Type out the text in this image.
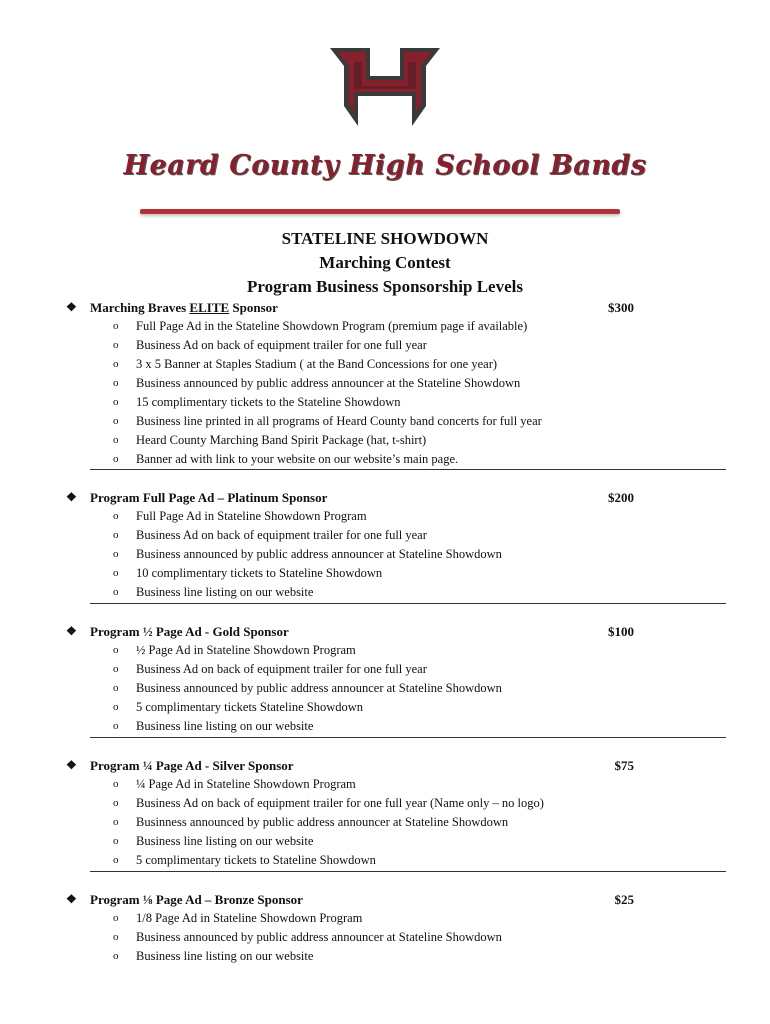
Heard County High School Bands
STATELINE SHOWDOWN
Marching Contest
Program Business Sponsorship Levels
❖ Marching Braves ELITE Sponsor	$300
o Full Page Ad in the Stateline Showdown Program (premium page if available)
o Business Ad on back of equipment trailer for one full year
o 3 x 5 Banner at Staples Stadium ( at the Band Concessions for one year)
o Business announced by public address announcer at the Stateline Showdown
o 15 complimentary tickets to the Stateline Showdown
o Business line printed in all programs of Heard County band concerts for full year
o Heard County Marching Band Spirit Package (hat, t-shirt)
o Banner ad with link to your website on our website’s main page.
❖ Program Full Page Ad – Platinum Sponsor	$200
o Full Page Ad in Stateline Showdown Program
o Business Ad on back of equipment trailer for one full year
o Business announced by public address announcer at Stateline Showdown
o 10 complimentary tickets to Stateline Showdown
o Business line listing on our website
❖ Program ½ Page Ad - Gold Sponsor	$100
o ½ Page Ad in Stateline Showdown Program
o Business Ad on back of equipment trailer for one full year
o Business announced by public address announcer at Stateline Showdown
o 5 complimentary tickets Stateline Showdown
o Business line listing on our website
❖ Program ¼ Page Ad - Silver Sponsor	$75
o ¼ Page Ad in Stateline Showdown Program
o Business Ad on back of equipment trailer for one full year (Name only – no logo)
o Businness announced by public address announcer at Stateline Showdown
o Business line listing on our website
o 5 complimentary tickets to Stateline Showdown
❖ Program ⅛ Page Ad – Bronze Sponsor	$25
o 1/8 Page Ad in Stateline Showdown Program
o Business announced by public address announcer at Stateline Showdown
o Business line listing on our website
